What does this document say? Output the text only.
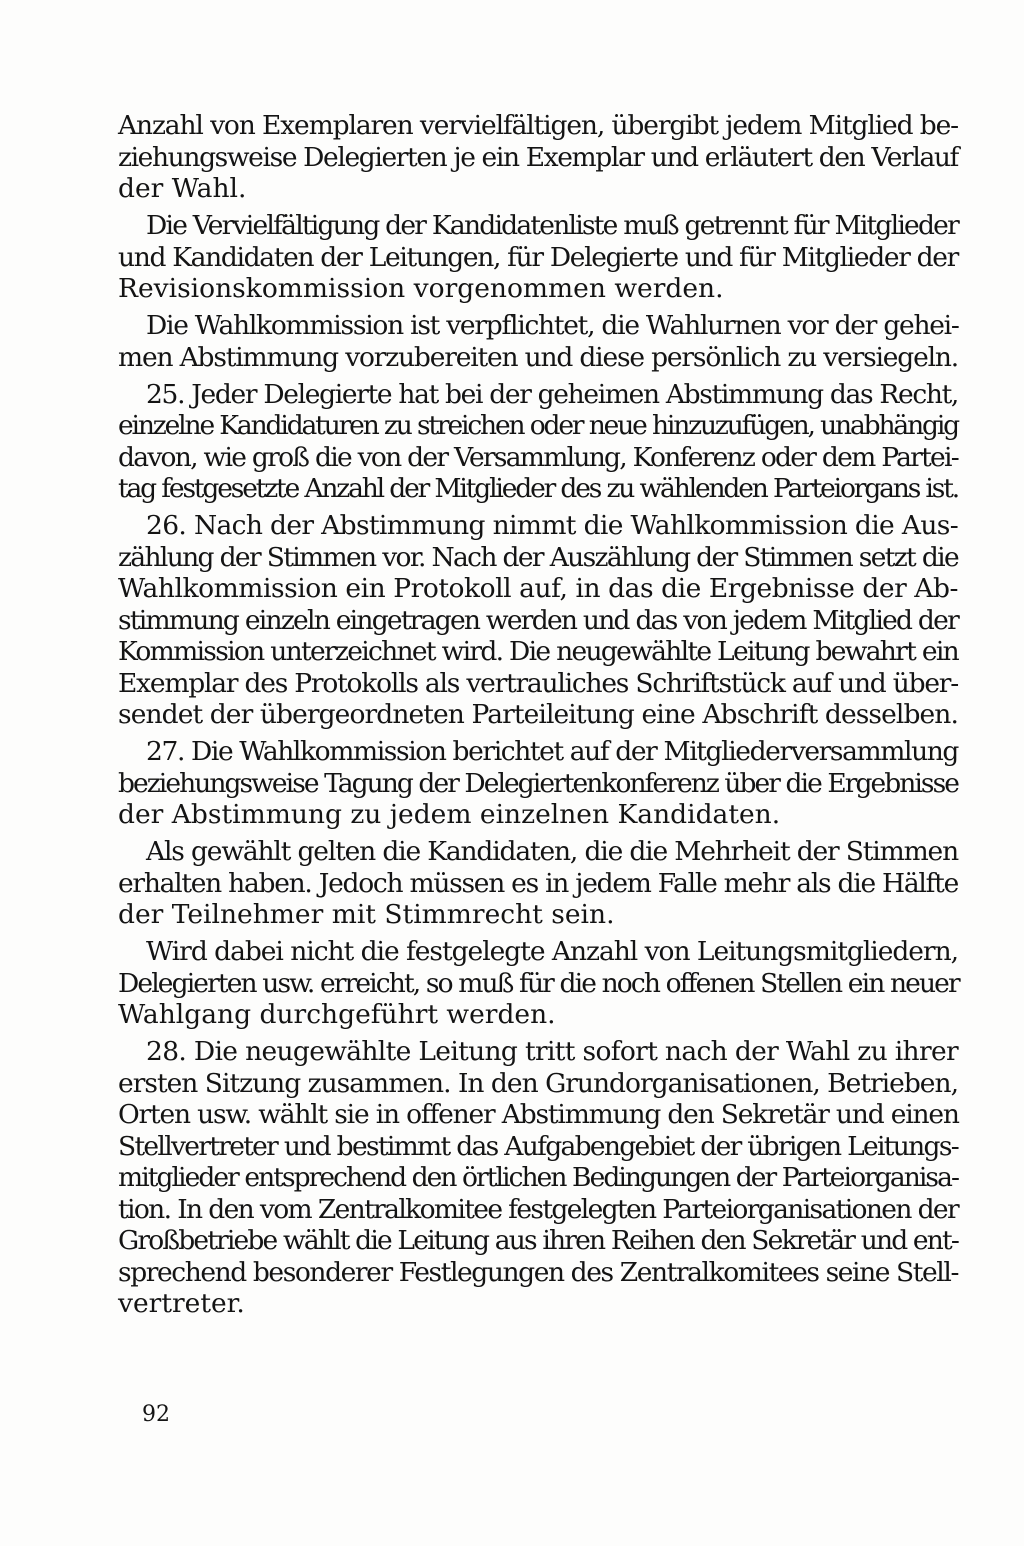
Anzahl von Exemplaren vervielfältigen, übergibt jedem Mitglied be-
ziehungsweise Delegierten je ein Exemplar und erläutert den Verlauf
der Wahl.

Die Vervielfältigung der Kandidatenliste muß getrennt für Mitglieder
und Kandidaten der Leitungen, für Delegierte und für Mitglieder der
Revisionskommission vorgenommen werden.

Die Wahlkommission ist verpflichtet, die Wahlurnen vor der gehei-
men Abstimmung vorzubereiten und diese persönlich zu versiegeln.

25. Jeder Delegierte hat bei der geheimen Abstimmung das Recht,
einzelne Kandidaturen zu streichen oder neue hinzuzufügen, unabhängig
davon, wie groß die von der Versammlung, Konferenz oder dem Partei-
tag festgesetzte Anzahl der Mitglieder des zu wählenden Parteiorgans ist.

26. Nach der Abstimmung nimmt die Wahlkommission die Aus-
zählung der Stimmen vor. Nach der Auszählung der Stimmen setzt die
Wahlkommission ein Protokoll auf, in das die Ergebnisse der Ab-
stimmung einzeln eingetragen werden und das von jedem Mitglied der
Kommission unterzeichnet wird. Die neugewählte Leitung bewahrt ein
Exemplar des Protokolls als vertrauliches Schriftstück auf und über-
sendet der übergeordneten Parteileitung eine Abschrift desselben.

27. Die Wahlkommission berichtet auf der Mitgliederversammlung
beziehungsweise Tagung der Delegiertenkonferenz über die Ergebnisse
der Abstimmung zu jedem einzelnen Kandidaten.

Als gewählt gelten die Kandidaten, die die Mehrheit der Stimmen
erhalten haben. Jedoch müssen es in jedem Falle mehr als die Hälfte
der Teilnehmer mit Stimmrecht sein.

Wird dabei nicht die festgelegte Anzahl von Leitungsmitgliedern,
Delegierten usw. erreicht, so muß für die noch offenen Stellen ein neuer
Wahlgang durchgeführt werden.

28. Die neugewählte Leitung tritt sofort nach der Wahl zu ihrer
ersten Sitzung zusammen. In den Grundorganisationen, Betrieben,
Orten usw. wählt sie in offener Abstimmung den Sekretär und einen
Stellvertreter und bestimmt das Aufgabengebiet der übrigen Leitungs-
mitglieder entsprechend den örtlichen Bedingungen der Parteiorganisa-
tion. In den vom Zentralkomitee festgelegten Parteiorganisationen der
Großbetriebe wählt die Leitung aus ihren Reihen den Sekretär und ent-
sprechend besonderer Festlegungen des Zentralkomitees seine Stell-
vertreter.

92
